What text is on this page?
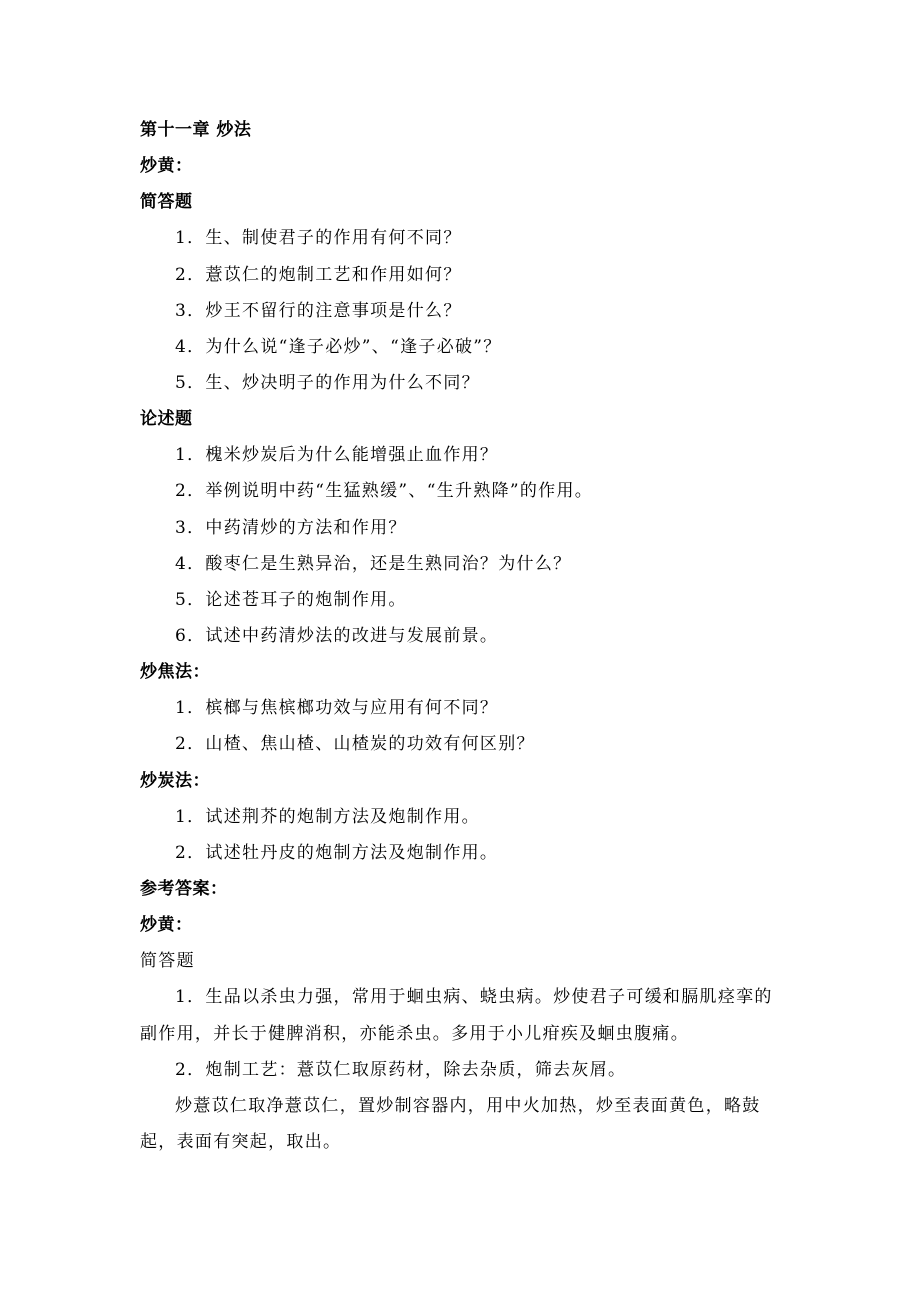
第十一章 炒法
炒黄：
简答题
1．生、制使君子的作用有何不同？
2．薏苡仁的炮制工艺和作用如何？
3．炒王不留行的注意事项是什么？
4．为什么说“逢子必炒”、“逢子必破”？
5．生、炒决明子的作用为什么不同？
论述题
1．槐米炒炭后为什么能增强止血作用？
2．举例说明中药“生猛熟缓”、“生升熟降”的作用。
3．中药清炒的方法和作用？
4．酸枣仁是生熟异治，还是生熟同治？为什么？
5．论述苍耳子的炮制作用。
6．试述中药清炒法的改进与发展前景。
炒焦法：
1．槟榔与焦槟榔功效与应用有何不同？
2．山楂、焦山楂、山楂炭的功效有何区别？
炒炭法：
1．试述荆芥的炮制方法及炮制作用。
2．试述牡丹皮的炮制方法及炮制作用。
参考答案：
炒黄：
简答题
1．生品以杀虫力强，常用于蛔虫病、蛲虫病。炒使君子可缓和膈肌痉挛的
副作用，并长于健脾消积，亦能杀虫。多用于小儿疳疾及蛔虫腹痛。
2．炮制工艺：薏苡仁取原药材，除去杂质，筛去灰屑。
炒薏苡仁取净薏苡仁，置炒制容器内，用中火加热，炒至表面黄色，略鼓
起，表面有突起，取出。
